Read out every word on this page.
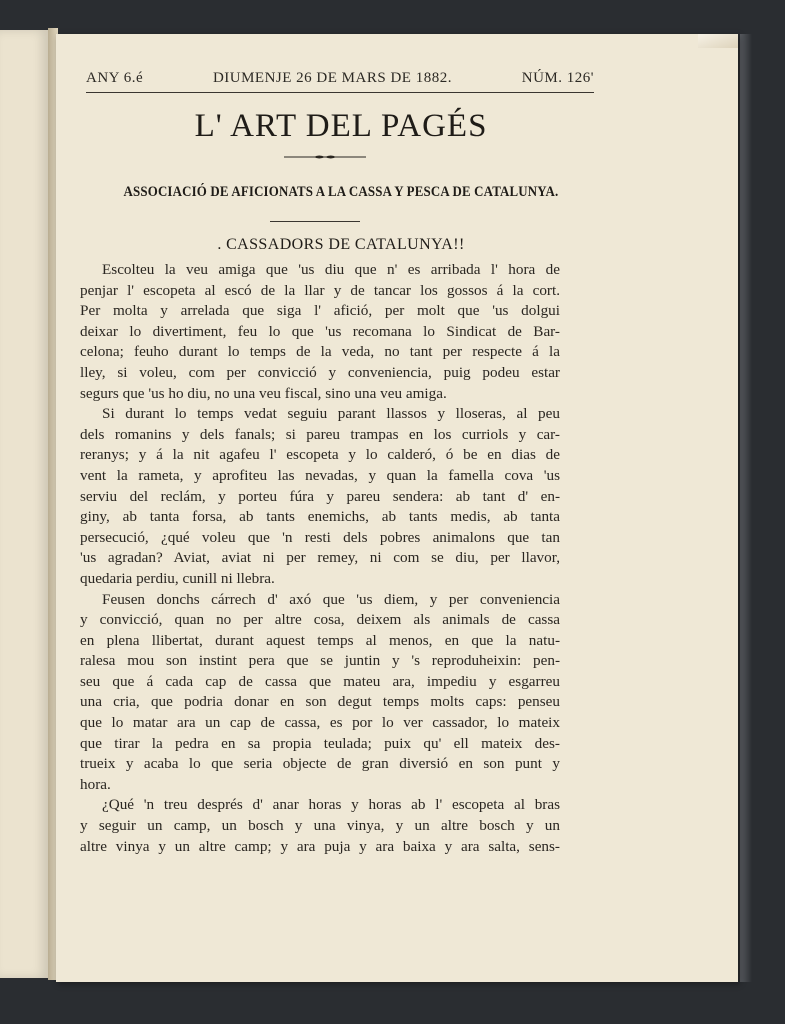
ANY 6.é	DIUMENJE 26 DE MARS DE 1882.	NÚM. 126'
L' ART DEL PAGÉS
ASSOCIACIÓ DE AFICIONATS A LA CASSA Y PESCA DE CATALUNYA.
. CASSADORS DE CATALUNYA!!
Escolteu la veu amiga que 'us diu que n' es arribada l' hora de
penjar l' escopeta al escó de la llar y de tancar los gossos á la cort.
Per molta y arrelada que siga l' afició, per molt que 'us dolgui
deixar lo divertiment, feu lo que 'us recomana lo Sindicat de Bar-
celona; feuho durant lo temps de la veda, no tant per respecte á la
lley, si voleu, com per convicció y conveniencia, puig podeu estar
segurs que 'us ho diu, no una veu fiscal, sino una veu amiga.
Si durant lo temps vedat seguiu parant llassos y lloseras, al peu
dels romanins y dels fanals; si pareu trampas en los curriols y car-
reranys; y á la nit agafeu l' escopeta y lo calderó, ó be en dias de
vent la rameta, y aprofiteu las nevadas, y quan la famella cova 'us
serviu del reclám, y porteu fúra y pareu sendera: ab tant d' en-
giny, ab tanta forsa, ab tants enemichs, ab tants medis, ab tanta
persecució, ¿qué voleu que 'n resti dels pobres animalons que tan
'us agradan? Aviat, aviat ni per remey, ni com se diu, per llavor,
quedaria perdiu, cunill ni llebra.
Feusen donchs cárrech d' axó que 'us diem, y per conveniencia
y convicció, quan no per altre cosa, deixem als animals de cassa
en plena llibertat, durant aquest temps al menos, en que la natu-
ralesa mou son instint pera que se juntin y 's reproduheixin: pen-
seu que á cada cap de cassa que mateu ara, impediu y esgarreu
una cria, que podria donar en son degut temps molts caps: penseu
que lo matar ara un cap de cassa, es por lo ver cassador, lo mateix
que tirar la pedra en sa propia teulada; puix qu' ell mateix des-
trueix y acaba lo que seria objecte de gran diversió en son punt y
hora.
¿Qué 'n treu després d' anar horas y horas ab l' escopeta al bras
y seguir un camp, un bosch y una vinya, y un altre bosch y un
altre vinya y un altre camp; y ara puja y ara baixa y ara salta, sens-
